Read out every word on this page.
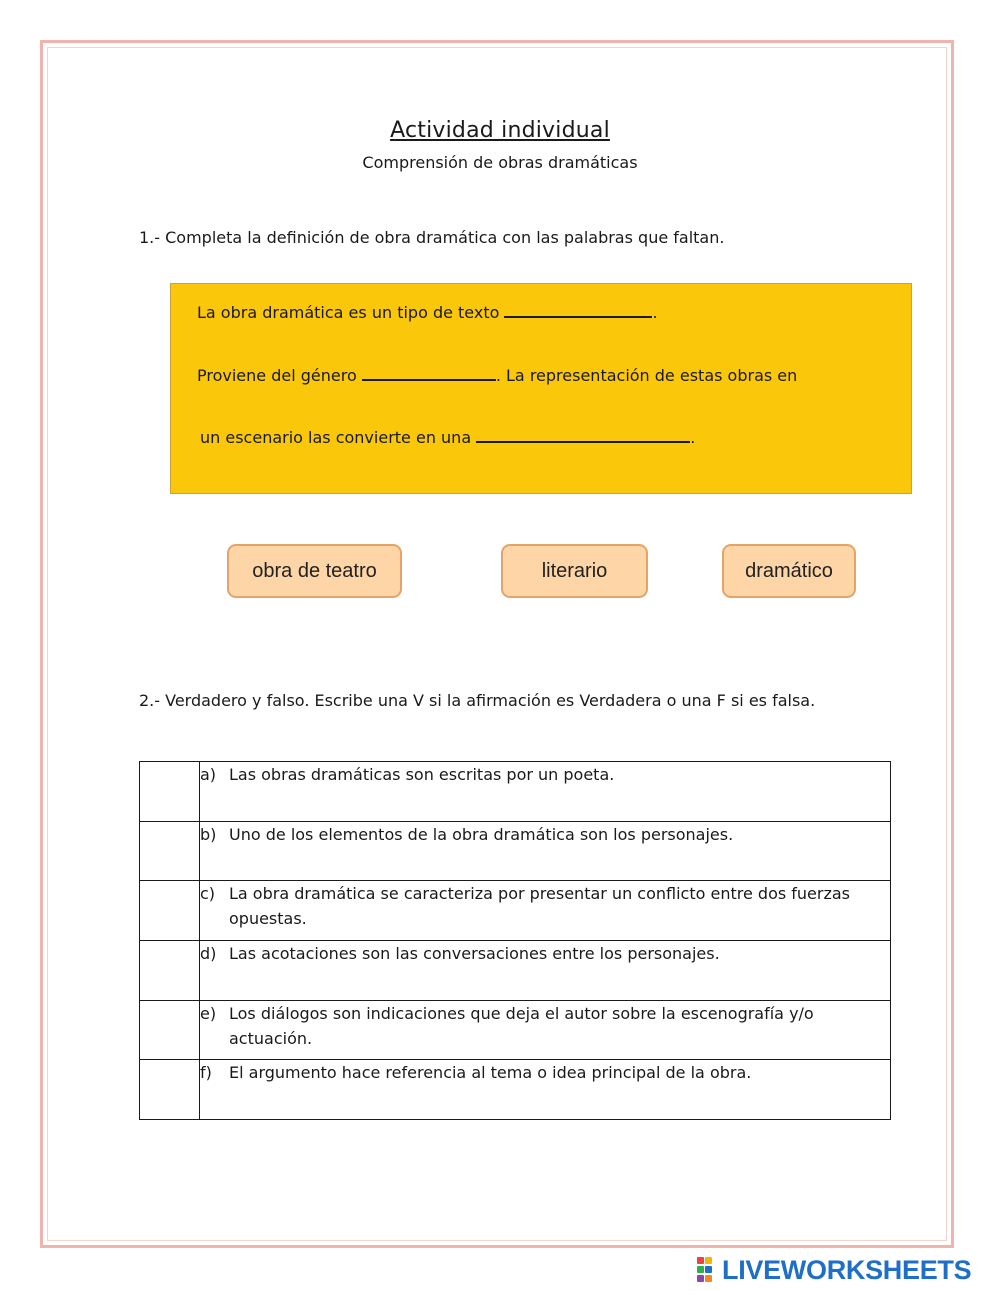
Actividad individual
Comprensión de obras dramáticas
1.- Completa la definición de obra dramática con las palabras que faltan.
La obra dramática es un tipo de texto	.
Proviene del género	. La representación de estas obras en
un escenario las convierte en una	.
obra de teatro	literario	dramático
2.- Verdadero y falso. Escribe una V si la afirmación es Verdadera o una F si es falsa.

a) Las obras dramáticas son escritas por un poeta.

b) Uno de los elementos de la obra dramática son los personajes.

c) La obra dramática se caracteriza por presentar un conflicto entre dos fuerzas opuestas.

d) Las acotaciones son las conversaciones entre los personajes.

e) Los diálogos son indicaciones que deja el autor sobre la escenografía y/o actuación.

f) El argumento hace referencia al tema o idea principal de la obra.
LIVEWORKSHEETS
